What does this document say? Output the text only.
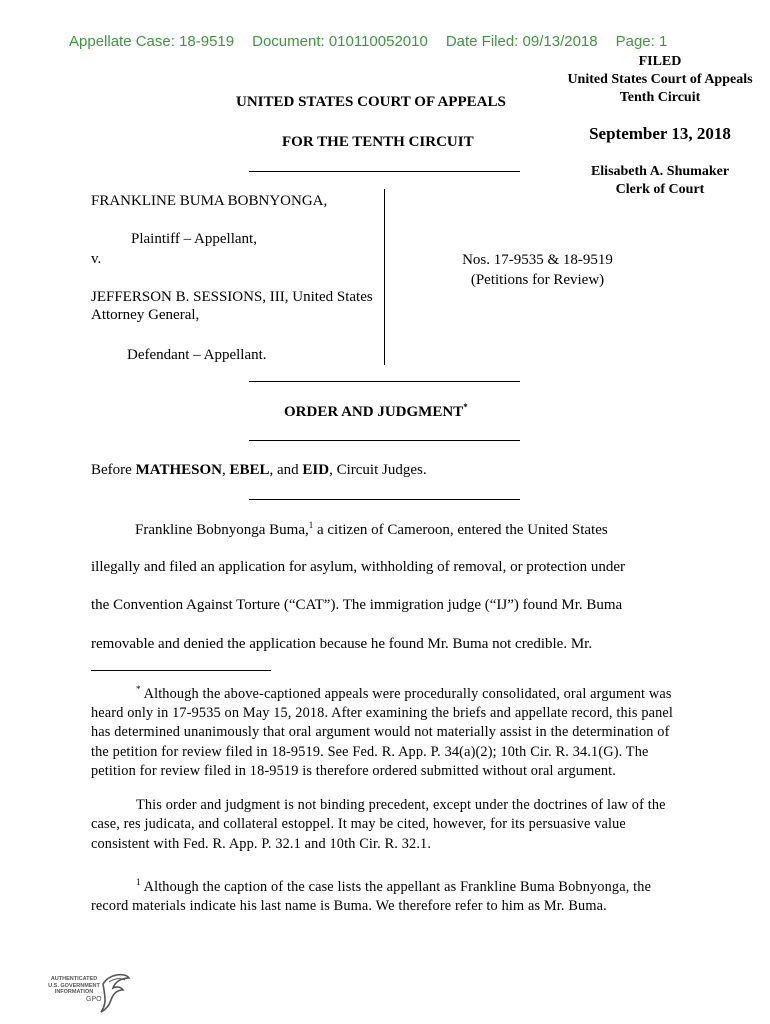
Appellate Case: 18-9519 Document: 010110052010 Date Filed: 09/13/2018 Page: 1
FILED
United States Court of Appeals
Tenth Circuit
September 13, 2018
Elisabeth A. Shumaker
Clerk of Court
UNITED STATES COURT OF APPEALS
FOR THE TENTH CIRCUIT
FRANKLINE BUMA BOBNYONGA,
Plaintiff – Appellant,
v.
JEFFERSON B. SESSIONS, III, United States Attorney General,
Defendant – Appellant.
Nos. 17-9535 & 18-9519
(Petitions for Review)
ORDER AND JUDGMENT*
Before MATHESON, EBEL, and EID, Circuit Judges.
Frankline Bobnyonga Buma,$^1$ a citizen of Cameroon, entered the United States
illegally and filed an application for asylum, withholding of removal, or protection under
the Convention Against Torture (“CAT”). The immigration judge (“IJ”) found Mr. Buma
removable and denied the application because he found Mr. Buma not credible. Mr.
* Although the above-captioned appeals were procedurally consolidated, oral argument was heard only in 17-9535 on May 15, 2018. After examining the briefs and appellate record, this panel has determined unanimously that oral argument would not materially assist in the determination of the petition for review filed in 18-9519. See Fed. R. App. P. 34(a)(2); 10th Cir. R. 34.1(G). The petition for review filed in 18-9519 is therefore ordered submitted without oral argument.
This order and judgment is not binding precedent, except under the doctrines of law of the case, res judicata, and collateral estoppel. It may be cited, however, for its persuasive value consistent with Fed. R. App. P. 32.1 and 10th Cir. R. 32.1.
$^1$ Although the caption of the case lists the appellant as Frankline Buma Bobnyonga, the record materials indicate his last name is Buma. We therefore refer to him as Mr. Buma.
AUTHENTICATED
U.S. GOVERNMENT
INFORMATION
GPO
